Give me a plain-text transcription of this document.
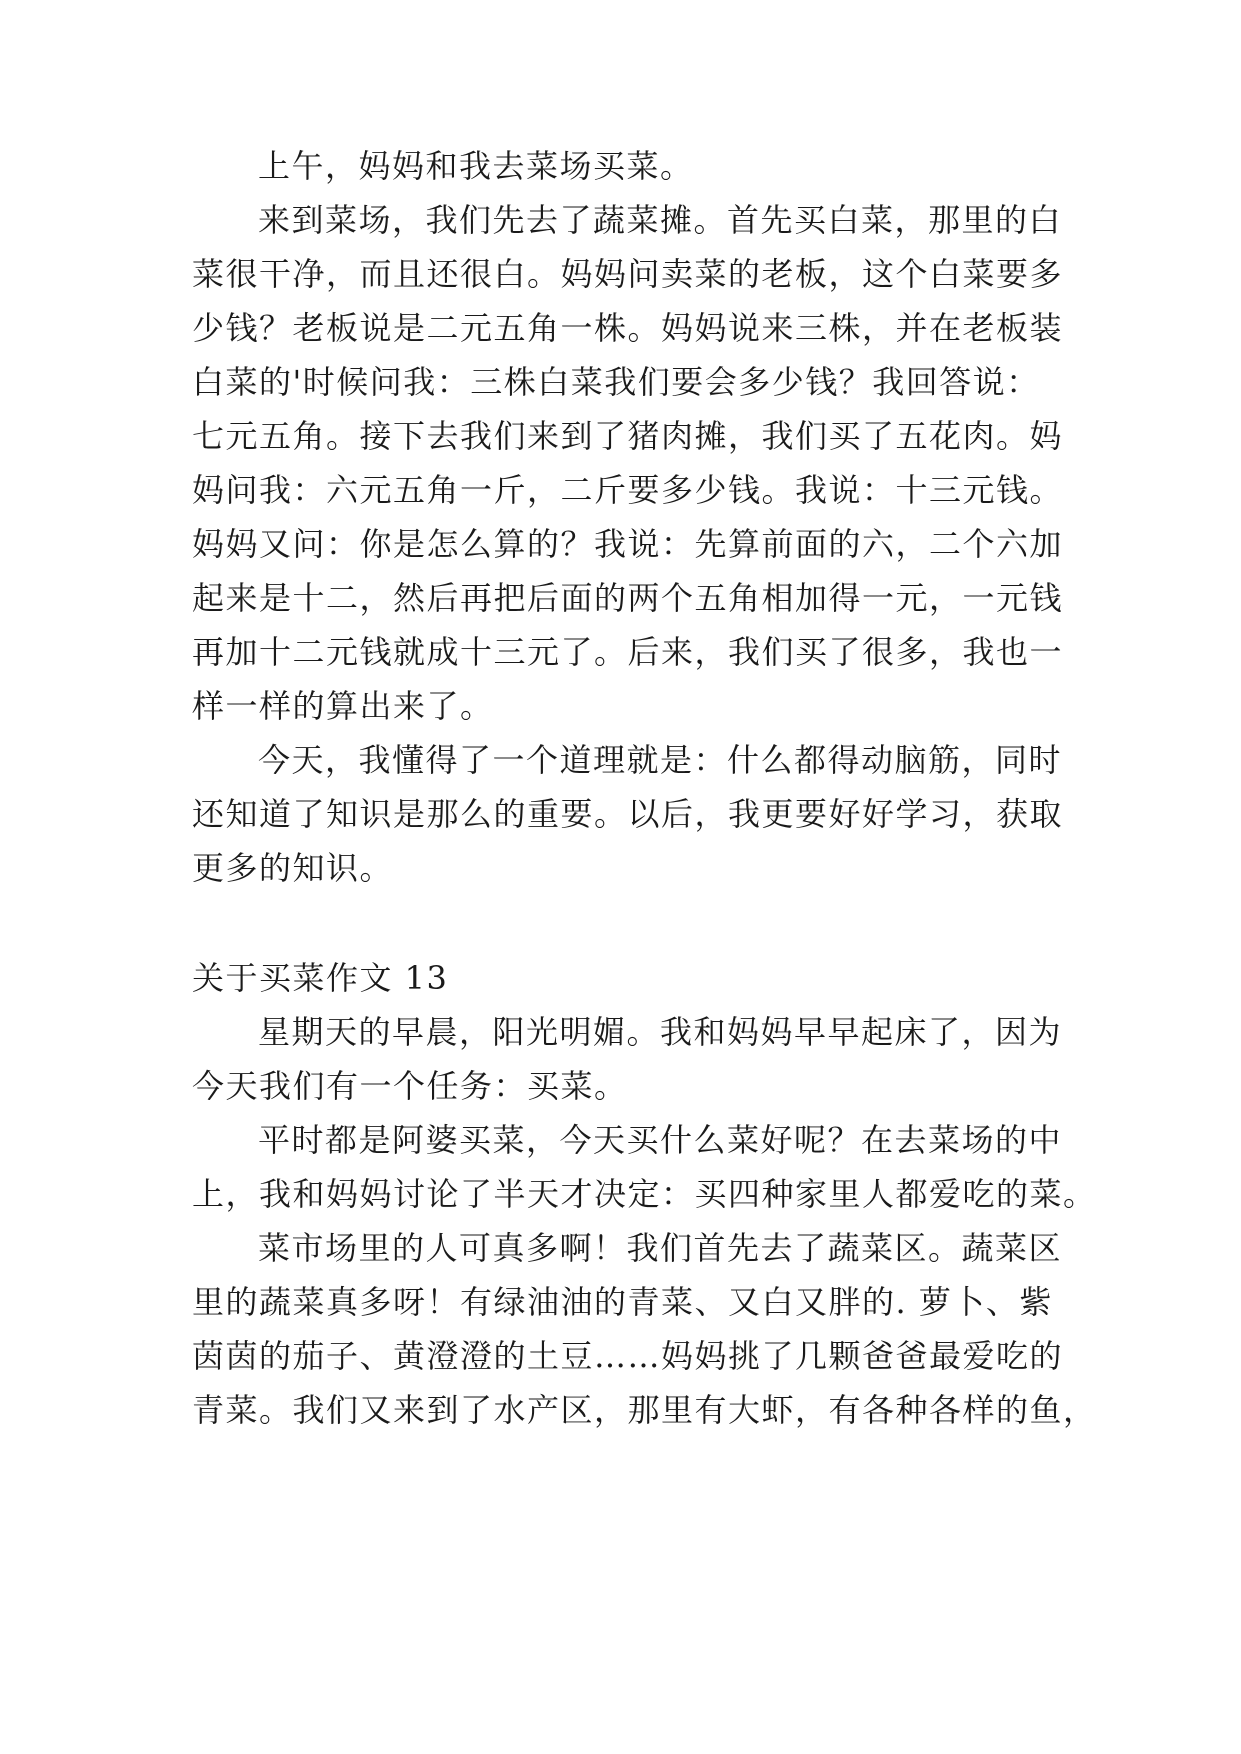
上午，妈妈和我去菜场买菜。
来到菜场，我们先去了蔬菜摊。首先买白菜，那里的白
菜很干净，而且还很白。妈妈问卖菜的老板，这个白菜要多
少钱？老板说是二元五角一株。妈妈说来三株，并在老板装
白菜的'时候问我：三株白菜我们要会多少钱？我回答说：
七元五角。接下去我们来到了猪肉摊，我们买了五花肉。妈
妈问我：六元五角一斤，二斤要多少钱。我说：十三元钱。
妈妈又问：你是怎么算的？我说：先算前面的六，二个六加
起来是十二，然后再把后面的两个五角相加得一元，一元钱
再加十二元钱就成十三元了。后来，我们买了很多，我也一
样一样的算出来了。
今天，我懂得了一个道理就是：什么都得动脑筋，同时
还知道了知识是那么的重要。以后，我更要好好学习，获取
更多的知识。
关于买菜作文 13
星期天的早晨，阳光明媚。我和妈妈早早起床了，因为
今天我们有一个任务：买菜。
平时都是阿婆买菜，今天买什么菜好呢？在去菜场的中
上，我和妈妈讨论了半天才决定：买四种家里人都爱吃的菜。
菜市场里的人可真多啊！我们首先去了蔬菜区。蔬菜区
里的蔬菜真多呀！有绿油油的青菜、又白又胖的. 萝卜、紫
茵茵的茄子、黄澄澄的土豆……妈妈挑了几颗爸爸最爱吃的
青菜。我们又来到了水产区，那里有大虾，有各种各样的鱼，
